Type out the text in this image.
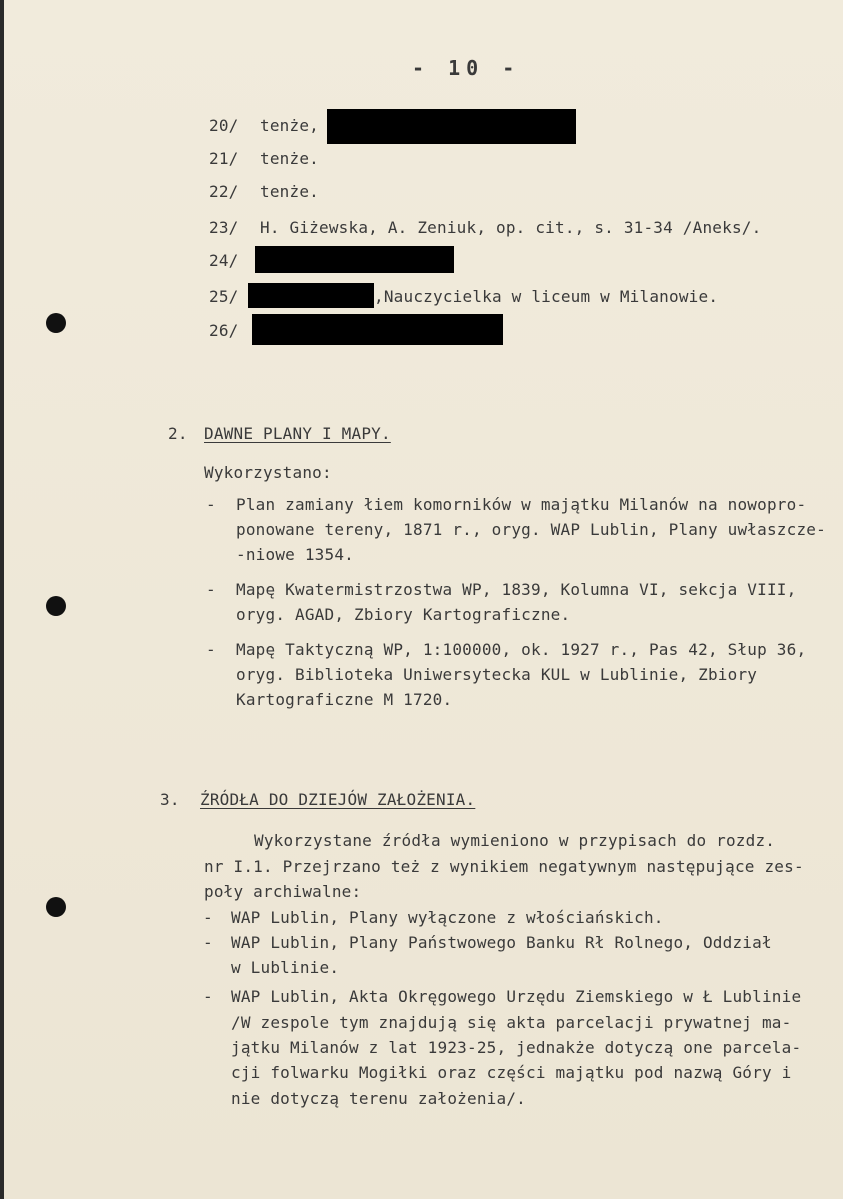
- 10 -
20/ tenże,
21/ tenże.
22/ tenże.
23/ H. Giżewska, A. Zeniuk, op. cit., s. 31-34 /Aneks/.
24/
25/	,Nauczycielka w liceum w Milanowie.
26/
2. DAWNE PLANY I MAPY.
Wykorzystano:
- Plan zamiany łiem komorników w majątku Milanów na nowopro-
ponowane tereny, 1871 r., oryg. WAP Lublin, Plany uwłaszcze-
-niowe 1354.
- Mapę Kwatermistrzostwa WP, 1839, Kolumna VI, sekcja VIII,
oryg. AGAD, Zbiory Kartograficzne.
- Mapę Taktyczną WP, 1:100000, ok. 1927 r., Pas 42, Słup 36,
oryg. Biblioteka Uniwersytecka KUL w Lublinie, Zbiory
Kartograficzne M 1720.
3. ŹRÓDŁA DO DZIEJÓW ZAŁOŻENIA.
Wykorzystane źródła wymieniono w przypisach do rozdz.
nr I.1. Przejrzano też z wynikiem negatywnym następujące zes-
poły archiwalne:
- WAP Lublin, Plany wyłączone z włościańskich.
- WAP Lublin, Plany Państwowego Banku Rł Rolnego, Oddział
w Lublinie.
- WAP Lublin, Akta Okręgowego Urzędu Ziemskiego w Ł Lublinie
/W zespole tym znajdują się akta parcelacji prywatnej ma-
jątku Milanów z lat 1923-25, jednakże dotyczą one parcela-
cji folwarku Mogiłki oraz części majątku pod nazwą Góry i
nie dotyczą terenu założenia/.
